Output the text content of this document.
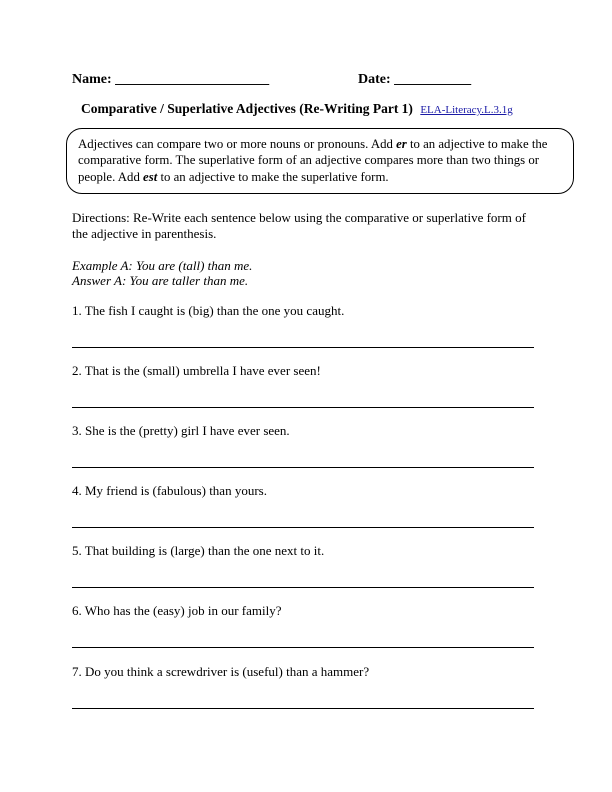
Name: ______________________	Date: ___________
Comparative / Superlative Adjectives (Re-Writing Part 1) ELA-Literacy.L.3.1g
Adjectives can compare two or more nouns or pronouns. Add er to an adjective to make the comparative form. The superlative form of an adjective compares more than two things or people. Add est to an adjective to make the superlative form.
Directions: Re-Write each sentence below using the comparative or superlative form of the adjective in parenthesis.
Example A: You are (tall) than me.
Answer A: You are taller than me.
1. The fish I caught is (big) than the one you caught.
2. That is the (small) umbrella I have ever seen!
3. She is the (pretty) girl I have ever seen.
4. My friend is (fabulous) than yours.
5. That building is (large) than the one next to it.
6. Who has the (easy) job in our family?
7. Do you think a screwdriver is (useful) than a hammer?
